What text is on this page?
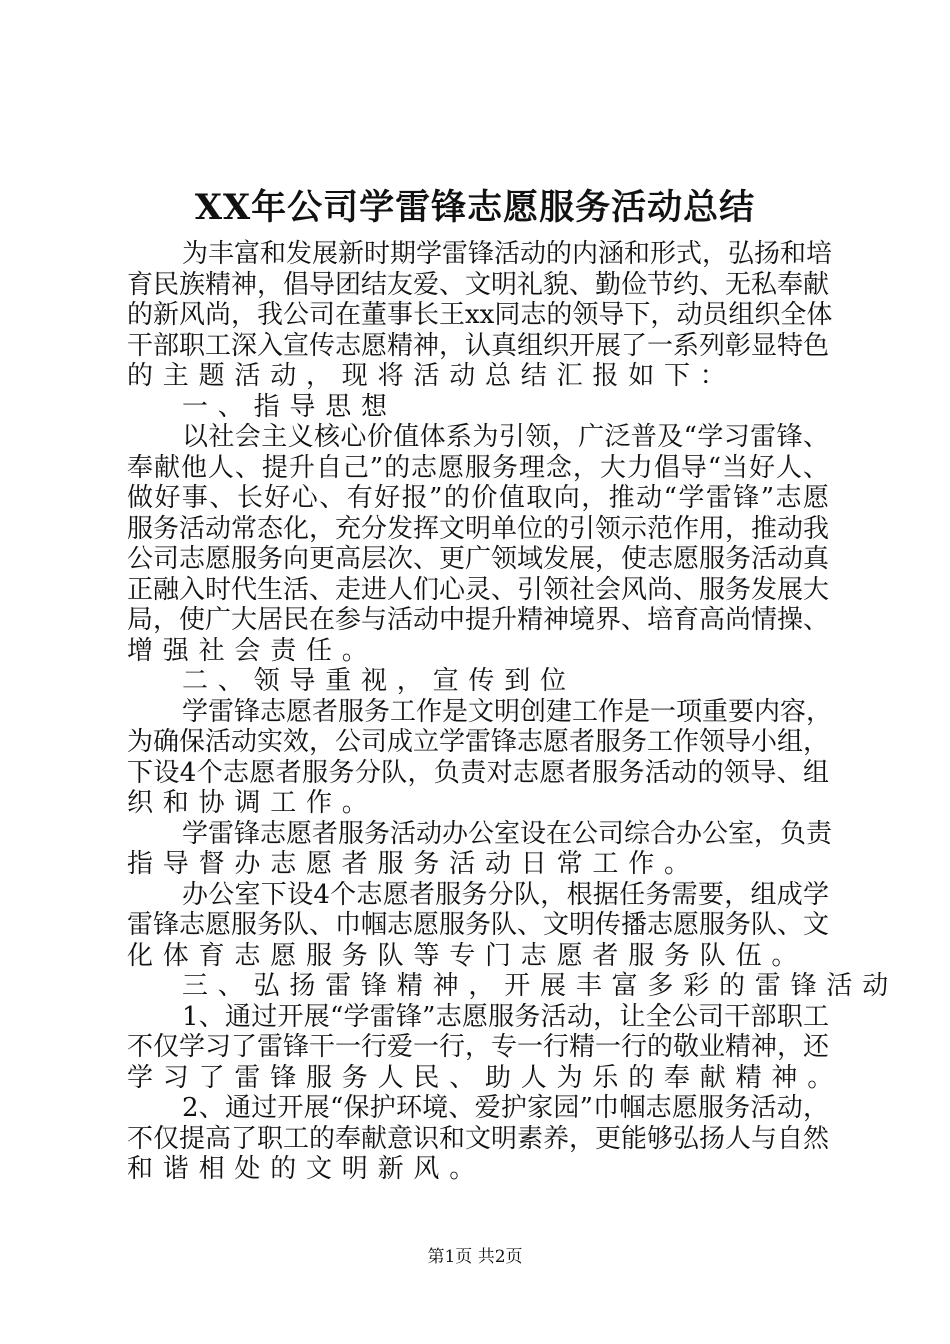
XX年公司学雷锋志愿服务活动总结
为丰富和发展新时期学雷锋活动的内涵和形式，弘扬和培
育民族精神，倡导团结友爱、文明礼貌、勤俭节约、无私奉献
的新风尚，我公司在董事长王xx同志的领导下，动员组织全体
干部职工深入宣传志愿精神，认真组织开展了一系列彰显特色
的主题活动，现将活动总结汇报如下：
一、指导思想
以社会主义核心价值体系为引领，广泛普及“学习雷锋、
奉献他人、提升自己”的志愿服务理念，大力倡导“当好人、
做好事、长好心、有好报”的价值取向，推动“学雷锋”志愿
服务活动常态化，充分发挥文明单位的引领示范作用，推动我
公司志愿服务向更高层次、更广领域发展，使志愿服务活动真
正融入时代生活、走进人们心灵、引领社会风尚、服务发展大
局，使广大居民在参与活动中提升精神境界、培育高尚情操、
增强社会责任。
二、领导重视，宣传到位
学雷锋志愿者服务工作是文明创建工作是一项重要内容，
为确保活动实效，公司成立学雷锋志愿者服务工作领导小组，
下设4个志愿者服务分队，负责对志愿者服务活动的领导、组
织和协调工作。
学雷锋志愿者服务活动办公室设在公司综合办公室，负责
指导督办志愿者服务活动日常工作。
办公室下设4个志愿者服务分队，根据任务需要，组成学
雷锋志愿服务队、巾帼志愿服务队、文明传播志愿服务队、文
化体育志愿服务队等专门志愿者服务队伍。
三、弘扬雷锋精神，开展丰富多彩的雷锋活动
1、通过开展“学雷锋”志愿服务活动，让全公司干部职工
不仅学习了雷锋干一行爱一行，专一行精一行的敬业精神，还
学习了雷锋服务人民、助人为乐的奉献精神。
2、通过开展“保护环境、爱护家园”巾帼志愿服务活动，
不仅提高了职工的奉献意识和文明素养，更能够弘扬人与自然
和谐相处的文明新风。
第1页 共2页
